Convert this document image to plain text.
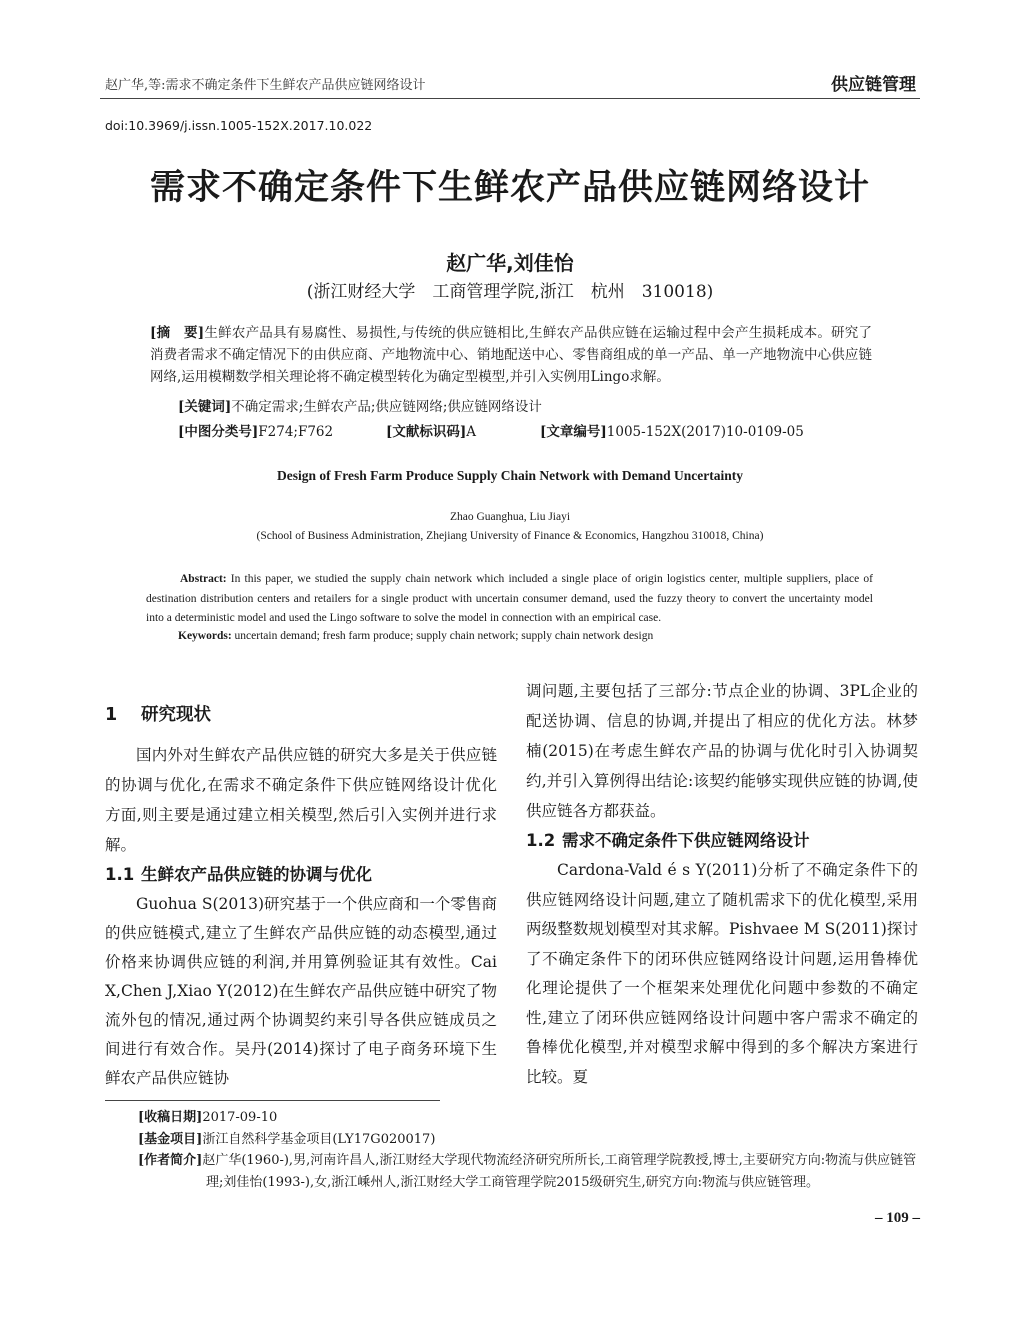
赵广华,等:需求不确定条件下生鲜农产品供应链网络设计	供应链管理
doi:10.3969/j.issn.1005-152X.2017.10.022
需求不确定条件下生鲜农产品供应链网络设计
赵广华,刘佳怡
(浙江财经大学　工商管理学院,浙江　杭州　310018)
[摘　要]生鲜农产品具有易腐性、易损性,与传统的供应链相比,生鲜农产品供应链在运输过程中会产生损耗成本。研究了消费者需求不确定情况下的由供应商、产地物流中心、销地配送中心、零售商组成的单一产品、单一产地物流中心供应链网络,运用模糊数学相关理论将不确定模型转化为确定型模型,并引入实例用Lingo求解。
[关键词]不确定需求;生鲜农产品;供应链网络;供应链网络设计
[中图分类号]F274;F762	[文献标识码]A	[文章编号]1005-152X(2017)10-0109-05
Design of Fresh Farm Produce Supply Chain Network with Demand Uncertainty
Zhao Guanghua, Liu Jiayi
(School of Business Administration, Zhejiang University of Finance & Economics, Hangzhou 310018, China)
Abstract: In this paper, we studied the supply chain network which included a single place of origin logistics center, multiple suppliers, place of destination distribution centers and retailers for a single product with uncertain consumer demand, used the fuzzy theory to convert the uncertainty model into a deterministic model and used the Lingo software to solve the model in connection with an empirical case.
Keywords: uncertain demand; fresh farm produce; supply chain network; supply chain network design

1 研究现状

国内外对生鲜农产品供应链的研究大多是关于供应链的协调与优化,在需求不确定条件下供应链网络设计优化方面,则主要是通过建立相关模型,然后引入实例并进行求解。

1.1 生鲜农产品供应链的协调与优化

Guohua S(2013)研究基于一个供应商和一个零售商的供应链模式,建立了生鲜农产品供应链的动态模型,通过价格来协调供应链的利润,并用算例验证其有效性。Cai X,Chen J,Xiao Y(2012)在生鲜农产品供应链中研究了物流外包的情况,通过两个协调契约来引导各供应链成员之间进行有效合作。吴丹(2014)探讨了电子商务环境下生鲜农产品供应链协

调问题,主要包括了三部分:节点企业的协调、3PL企业的配送协调、信息的协调,并提出了相应的优化方法。林梦楠(2015)在考虑生鲜农产品的协调与优化时引入协调契约,并引入算例得出结论:该契约能够实现供应链的协调,使供应链各方都获益。

1.2 需求不确定条件下供应链网络设计

Cardona-Vald é s Y(2011)分析了不确定条件下的供应链网络设计问题,建立了随机需求下的优化模型,采用两级整数规划模型对其求解。Pishvaee M S(2011)探讨了不确定条件下的闭环供应链网络设计问题,运用鲁棒优化理论提供了一个框架来处理优化问题中参数的不确定性,建立了闭环供应链网络设计问题中客户需求不确定的鲁棒优化模型,并对模型求解中得到的多个解决方案进行比较。夏

[收稿日期]2017-09-10

[基金项目]浙江自然科学基金项目(LY17G020017)

[作者简介]赵广华(1960-),男,河南许昌人,浙江财经大学现代物流经济研究所所长,工商管理学院教授,博士,主要研究方向:物流与供应链管理;刘佳怡(1993-),女,浙江嵊州人,浙江财经大学工商管理学院2015级研究生,研究方向:物流与供应链管理。

– 109 –
